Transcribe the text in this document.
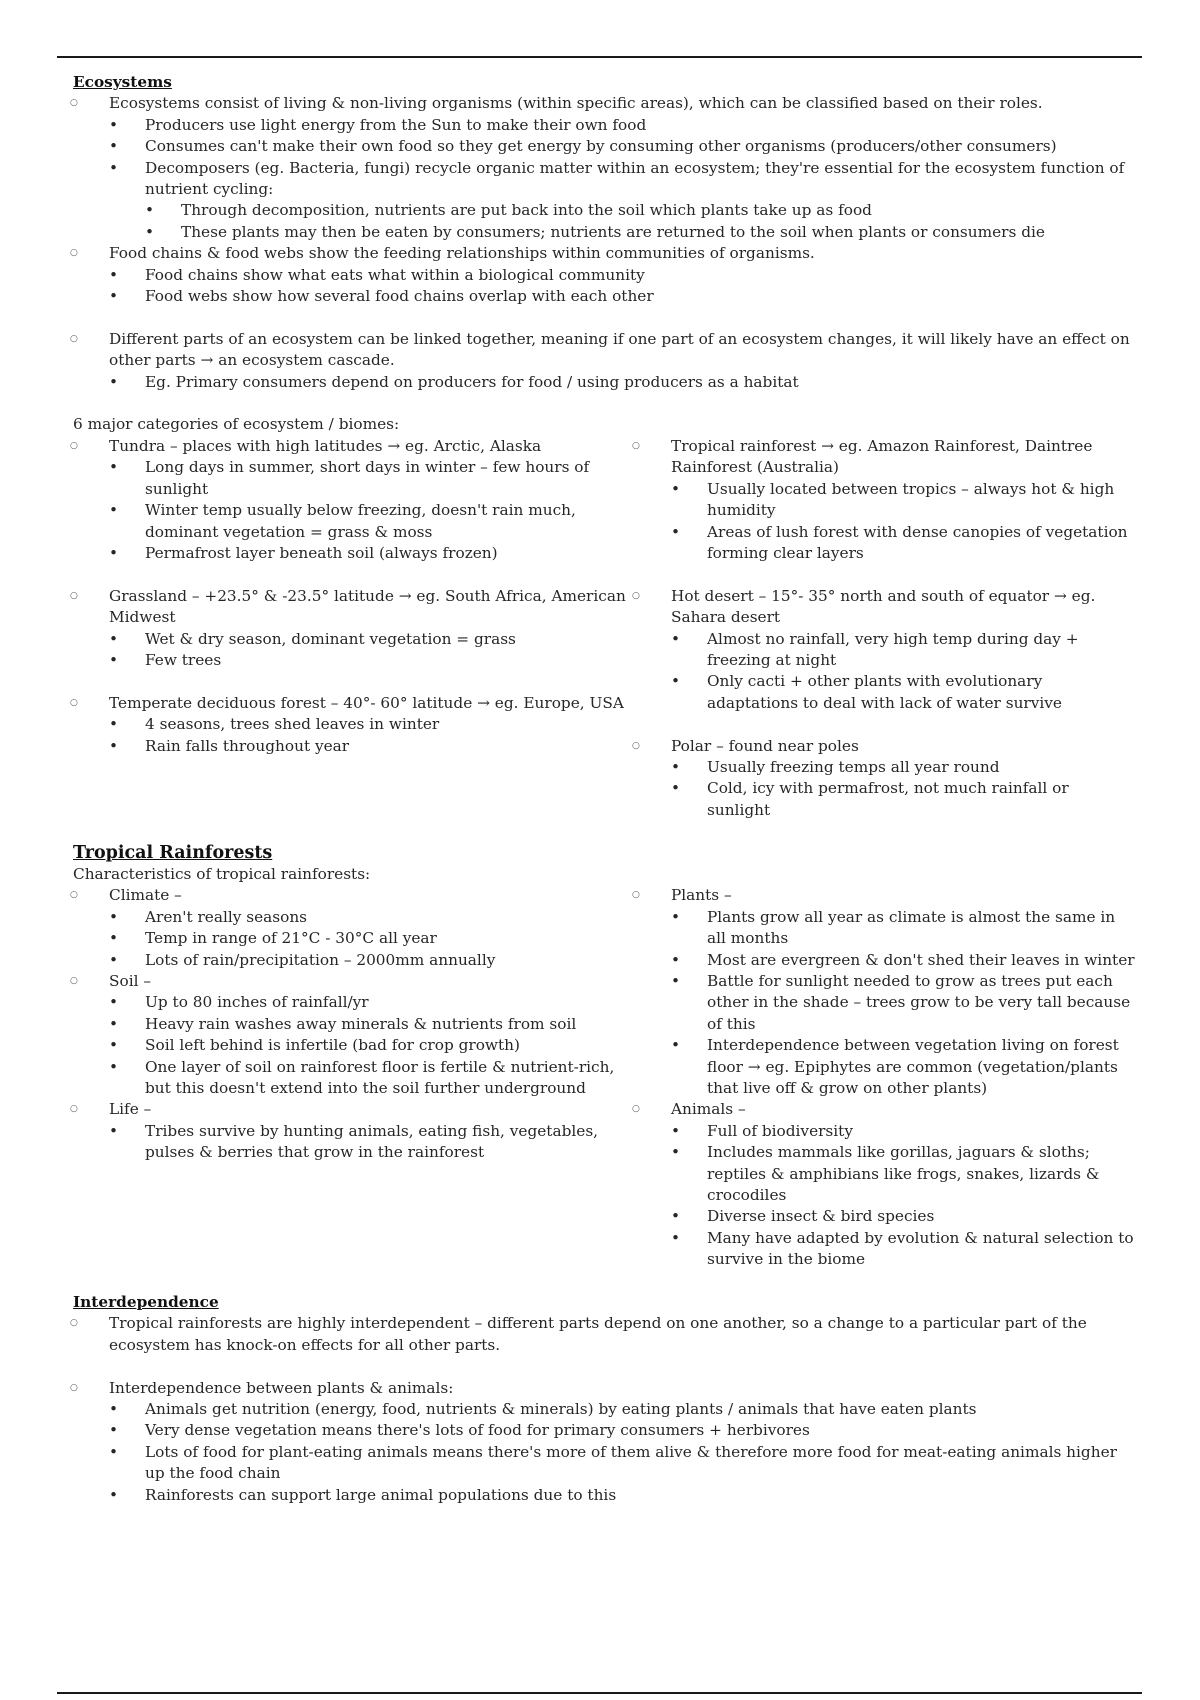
Ecosystems
○ Ecosystems consist of living & non-living organisms (within specific areas), which can be classified based on their roles.
• Producers use light energy from the Sun to make their own food
• Consumes can't make their own food so they get energy by consuming other organisms (producers/other consumers)
• Decomposers (eg. Bacteria, fungi) recycle organic matter within an ecosystem; they're essential for the ecosystem function of nutrient cycling:
• Through decomposition, nutrients are put back into the soil which plants take up as food
• These plants may then be eaten by consumers; nutrients are returned to the soil when plants or consumers die
○ Food chains & food webs show the feeding relationships within communities of organisms.
• Food chains show what eats what within a biological community
• Food webs show how several food chains overlap with each other
○ Different parts of an ecosystem can be linked together, meaning if one part of an ecosystem changes, it will likely have an effect on other parts → an ecosystem cascade.
• Eg. Primary consumers depend on producers for food / using producers as a habitat
6 major categories of ecosystem / biomes:
○ Tundra – places with high latitudes → eg. Arctic, Alaska
• Long days in summer, short days in winter – few hours of sunlight
• Winter temp usually below freezing, doesn't rain much, dominant vegetation = grass & moss
• Permafrost layer beneath soil (always frozen)
○ Grassland – +23.5° & -23.5° latitude → eg. South Africa, American Midwest
• Wet & dry season, dominant vegetation = grass
• Few trees
○ Temperate deciduous forest – 40°- 60° latitude → eg. Europe, USA
• 4 seasons, trees shed leaves in winter
• Rain falls throughout year
○ Tropical rainforest → eg. Amazon Rainforest, Daintree Rainforest (Australia)
• Usually located between tropics – always hot & high humidity
• Areas of lush forest with dense canopies of vegetation forming clear layers
○ Hot desert – 15°- 35° north and south of equator → eg. Sahara desert
• Almost no rainfall, very high temp during day + freezing at night
• Only cacti + other plants with evolutionary adaptations to deal with lack of water survive
○ Polar – found near poles
• Usually freezing temps all year round
• Cold, icy with permafrost, not much rainfall or sunlight
Tropical Rainforests
Characteristics of tropical rainforests:
○ Climate –
• Aren't really seasons
• Temp in range of 21°C - 30°C all year
• Lots of rain/precipitation – 2000mm annually
○ Soil –
• Up to 80 inches of rainfall/yr
• Heavy rain washes away minerals & nutrients from soil
• Soil left behind is infertile (bad for crop growth)
• One layer of soil on rainforest floor is fertile & nutrient-rich, but this doesn't extend into the soil further underground
○ Life –
• Tribes survive by hunting animals, eating fish, vegetables, pulses & berries that grow in the rainforest
○ Plants –
• Plants grow all year as climate is almost the same in all months
• Most are evergreen & don't shed their leaves in winter
• Battle for sunlight needed to grow as trees put each other in the shade – trees grow to be very tall because of this
• Interdependence between vegetation living on forest floor → eg. Epiphytes are common (vegetation/plants that live off & grow on other plants)
○ Animals –
• Full of biodiversity
• Includes mammals like gorillas, jaguars & sloths; reptiles & amphibians like frogs, snakes, lizards & crocodiles
• Diverse insect & bird species
• Many have adapted by evolution & natural selection to survive in the biome
Interdependence
○ Tropical rainforests are highly interdependent – different parts depend on one another, so a change to a particular part of the ecosystem has knock-on effects for all other parts.
○ Interdependence between plants & animals:
• Animals get nutrition (energy, food, nutrients & minerals) by eating plants / animals that have eaten plants
• Very dense vegetation means there's lots of food for primary consumers + herbivores
• Lots of food for plant-eating animals means there's more of them alive & therefore more food for meat-eating animals higher up the food chain
• Rainforests can support large animal populations due to this
